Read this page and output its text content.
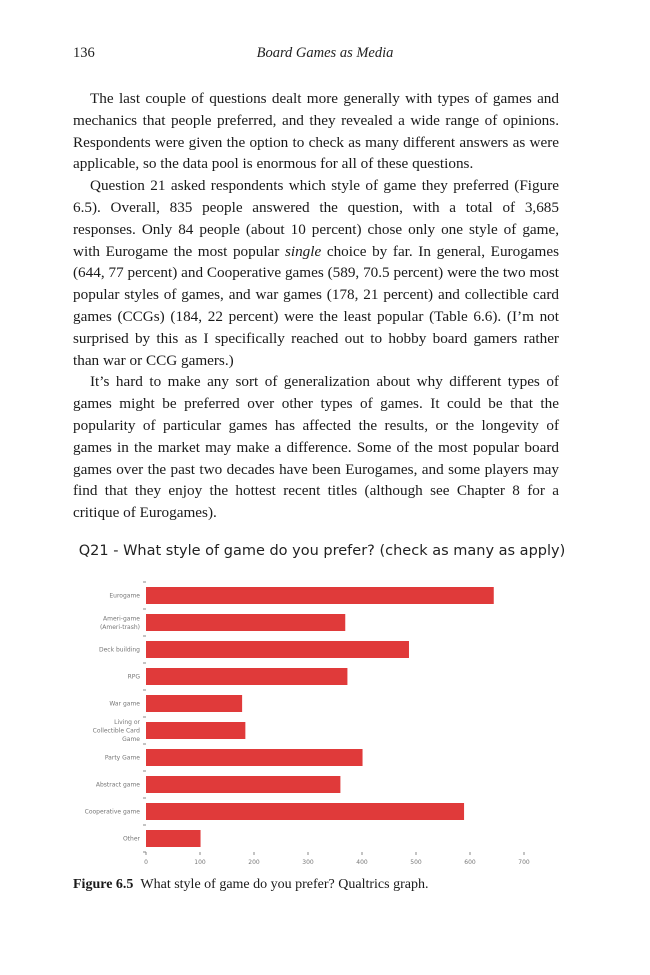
136	Board Games as Media

The last couple of questions dealt more generally with types of games and mechanics that people preferred, and they revealed a wide range of opinions. Respondents were given the option to check as many different answers as were applicable, so the data pool is enormous for all of these questions.

Question 21 asked respondents which style of game they preferred (Figure 6.5). Overall, 835 people answered the question, with a total of 3,685 responses. Only 84 people (about 10 percent) chose only one style of game, with Eurogame the most popular single choice by far. In general, Eurogames (644, 77 percent) and Cooperative games (589, 70.5 percent) were the two most popular styles of games, and war games (178, 21 percent) and collectible card games (CCGs) (184, 22 percent) were the least popular (Table 6.6). (I’m not surprised by this as I specifically reached out to hobby board gamers rather than war or CCG gamers.)

It’s hard to make any sort of generalization about why different types of games might be preferred over other types of games. It could be that the popularity of particular games has affected the results, or the longevity of games in the market may make a difference. Some of the most popular board games over the past two decades have been Eurogames, and some players may find that they enjoy the hottest recent titles (although see Chapter 8 for a critique of Eurogames).

Q21 - What style of game do you prefer? (check as many as apply)
Eurogame
Ameri-game
(Ameri-trash)
Deck building
RPG
War game
Living or
Collectible Card
Game
Party Game
Abstract game
Cooperative game
Other
0	100	200	300	400	500	600	700
Figure 6.5 What style of game do you prefer? Qualtrics graph.
